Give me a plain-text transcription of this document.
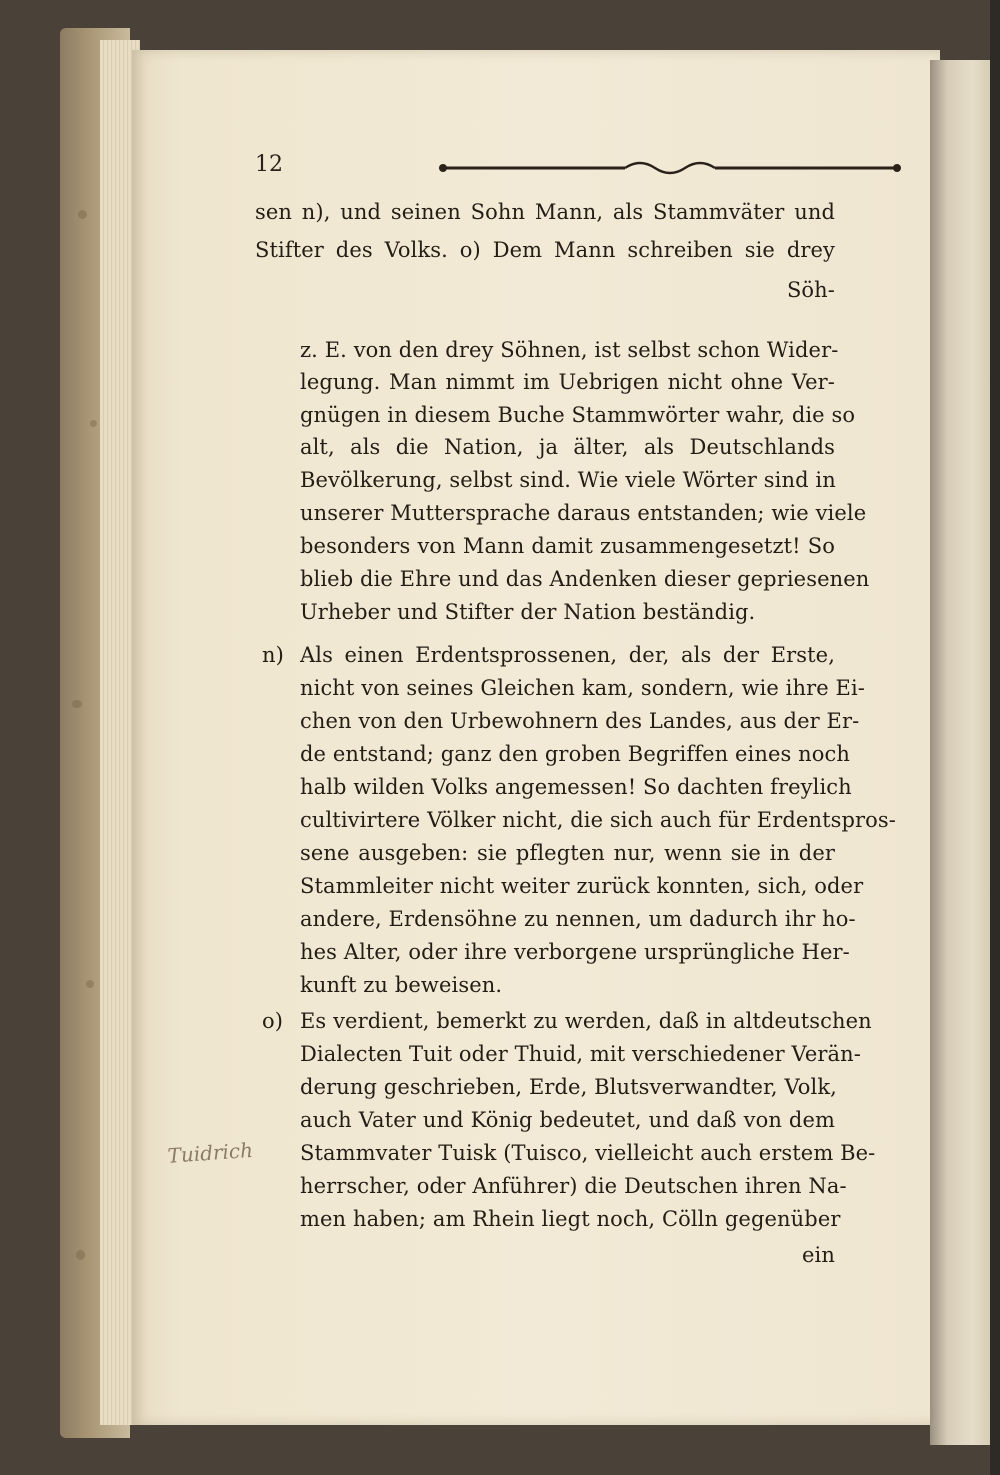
12
sen n), und seinen Sohn Mann, als Stammväter und
Stifter des Volks. o) Dem Mann schreiben sie drey
Söh-
z. E. von den drey Söhnen, ist selbst schon Wider-
legung. Man nimmt im Uebrigen nicht ohne Ver-
gnügen in diesem Buche Stammwörter wahr, die so
alt, als die Nation, ja älter, als Deutschlands
Bevölkerung, selbst sind. Wie viele Wörter sind in
unserer Muttersprache daraus entstanden; wie viele
besonders von Mann damit zusammengesetzt! So
blieb die Ehre und das Andenken dieser gepriesenen
Urheber und Stifter der Nation beständig.
n) Als einen Erdentsprossenen, der, als der Erste,
nicht von seines Gleichen kam, sondern, wie ihre Ei-
chen von den Urbewohnern des Landes, aus der Er-
de entstand; ganz den groben Begriffen eines noch
halb wilden Volks angemessen! So dachten freylich
cultivirtere Völker nicht, die sich auch für Erdentspros-
sene ausgeben: sie pflegten nur, wenn sie in der
Stammleiter nicht weiter zurück konnten, sich, oder
andere, Erdensöhne zu nennen, um dadurch ihr ho-
hes Alter, oder ihre verborgene ursprüngliche Her-
kunft zu beweisen.
o) Es verdient, bemerkt zu werden, daß in altdeutschen
Dialecten Tuit oder Thuid, mit verschiedener Verän-
derung geschrieben, Erde, Blutsverwandter, Volk,
auch Vater und König bedeutet, und daß von dem
Stammvater Tuisk (Tuisco, vielleicht auch erstem Be-
herrscher, oder Anführer) die Deutschen ihren Na-
men haben; am Rhein liegt noch, Cölln gegenüber
ein
Tuidrich
